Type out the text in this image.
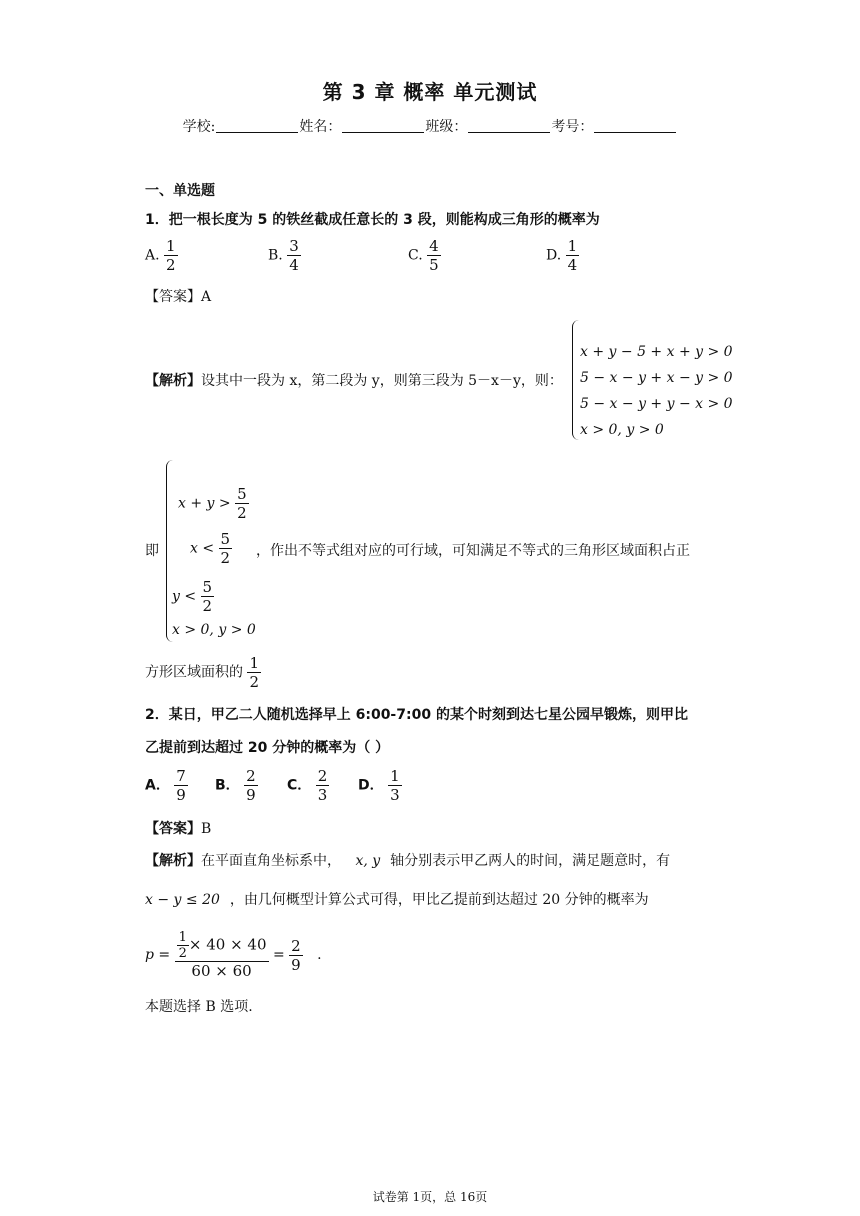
第 3 章 概率 单元测试
学校:	姓名：	班级：	考号：
一、单选题
1．把一根长度为 5 的铁丝截成任意长的 3 段，则能构成三角形的概率为
A. $\frac{1}{2}$	B. $\frac{3}{4}$	C. $\frac{4}{5}$	D. $\frac{1}{4}$
【答案】A
【解析】设其中一段为 x，第二段为 y，则第三段为 5－x－y，则：
x + y − 5 + x + y > 0
5 − x − y + x − y > 0
5 − x − y + y − x > 0
x > 0, y > 0
即
$x + y > \frac{5}{2}$
$x < \frac{5}{2}$
$y < \frac{5}{2}$
x > 0, y > 0
，作出不等式组对应的可行域，可知满足不等式的三角形区域面积占正
方形区域面积的 $\frac{1}{2}$
2．某日，甲乙二人随机选择早上 6:00-7:00 的某个时刻到达七星公园早锻炼，则甲比
乙提前到达超过 20 分钟的概率为（ ）
A． $\frac{7}{9}$ B． $\frac{2}{9}$ C． $\frac{2}{3}$ D． $\frac{1}{3}$
【答案】B
【解析】在平面直角坐标系中， x, y 轴分别表示甲乙两人的时间，满足题意时，有
x − y ≤ 20 ，由几何概型计算公式可得，甲比乙提前到达超过 20 分钟的概率为
$p = \frac{\frac{1}{2} \times 40 \times 40}{60 \times 60} = \frac{2}{9}$ .
本题选择 B 选项.
试卷第 1页，总 16页
